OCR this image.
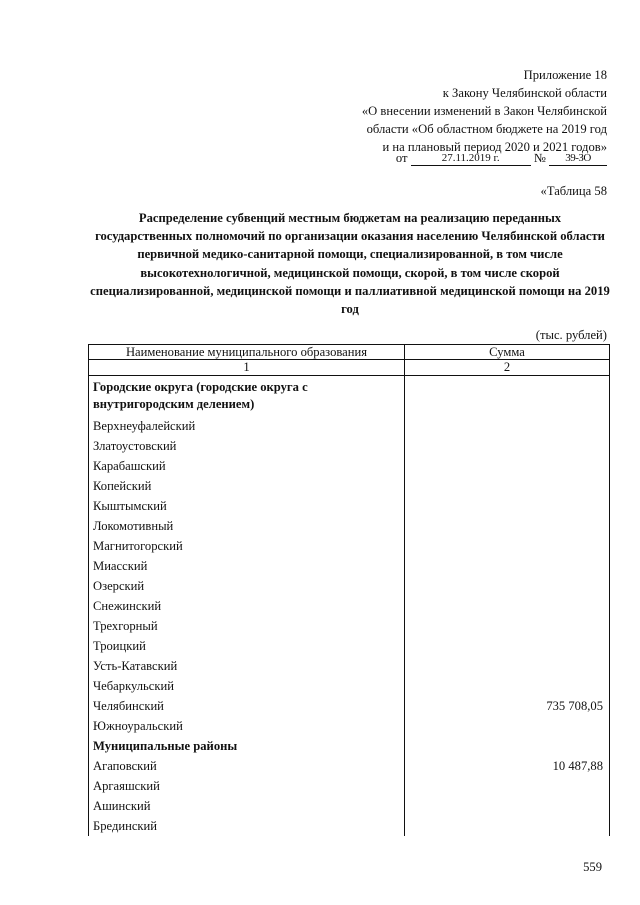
Приложение 18
к Закону Челябинской области
«О внесении изменений в Закон Челябинской
области «Об областном бюджете на 2019 год
и на плановый период 2020 и 2021 годов»
от	27.11.2019 г.	№ 39-ЗО
«Таблица 58
Распределение субвенций местным бюджетам на реализацию переданных государственных полномочий по организации оказания населению Челябинской области первичной медико-санитарной помощи, специализированной, в том числе высокотехнологичной, медицинской помощи, скорой, в том числе скорой специализированной, медицинской помощи и паллиативной медицинской помощи на 2019 год
(тыс. рублей)
Наименование муниципального образования	Сумма
1	2
Городские округа (городские округа с внутригородским делением)
Верхнеуфалейский
Златоустовский
Карабашский
Копейский
Кыштымский
Локомотивный
Магнитогорский
Миасский
Озерский
Снежинский
Трехгорный
Троицкий
Усть-Катавский
Чебаркульский
Челябинский	735 708,05
Южноуральский
Муниципальные районы
Агаповский	10 487,88
Аргаяшский
Ашинский
Брединский
559
